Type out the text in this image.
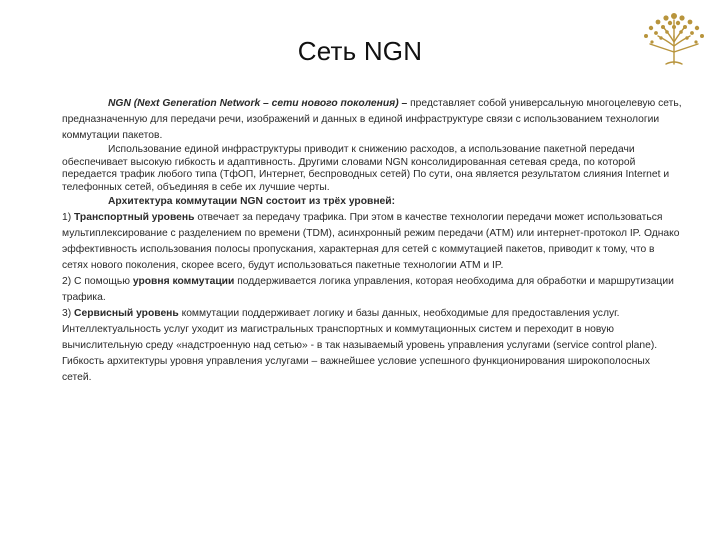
Сеть NGN

NGN (Next Generation Network – сети нового поколения) – представляет собой универсальную многоцелевую сеть, предназначенную для передачи речи, изображений и данных в единой инфраструктуре связи с использованием технологии коммутации пакетов.

Использование единой инфраструктуры приводит к снижению расходов, а использование пакетной передачи обеспечивает высокую гибкость и адаптивность. Другими словами NGN консолидированная сетевая среда, по которой передается трафик любого типа (ТфОП, Интернет, беспроводных сетей) По сути, она является результатом слияния Internet и телефонных сетей, объединяя в себе их лучшие черты.

Архитектура коммутации NGN состоит из трёх уровней:

1) Транспортный уровень отвечает за передачу трафика. При этом в качестве технологии передачи может использоваться мультиплексирование с разделением по времени (TDM), асинхронный режим передачи (ATM) или интернет-протокол IP. Однако эффективность использования полосы пропускания, характерная для сетей с коммутацией пакетов, приводит к тому, что в сетях нового поколения, скорее всего, будут использоваться пакетные технологии ATM и IP.
2) С помощью уровня коммутации поддерживается логика управления, которая необходима для обработки и маршрутизации трафика.
3) Сервисный уровень коммутации поддерживает логику и базы данных, необходимые для предоставления услуг. Интеллектуальность услуг уходит из магистральных транспортных и коммутационных систем и переходит в новую вычислительную среду «надстроенную над сетью» - в так называемый уровень управления услугами (service control plane). Гибкость архитектуры уровня управления услугами – важнейшее условие успешного функционирования широкополосных сетей.
